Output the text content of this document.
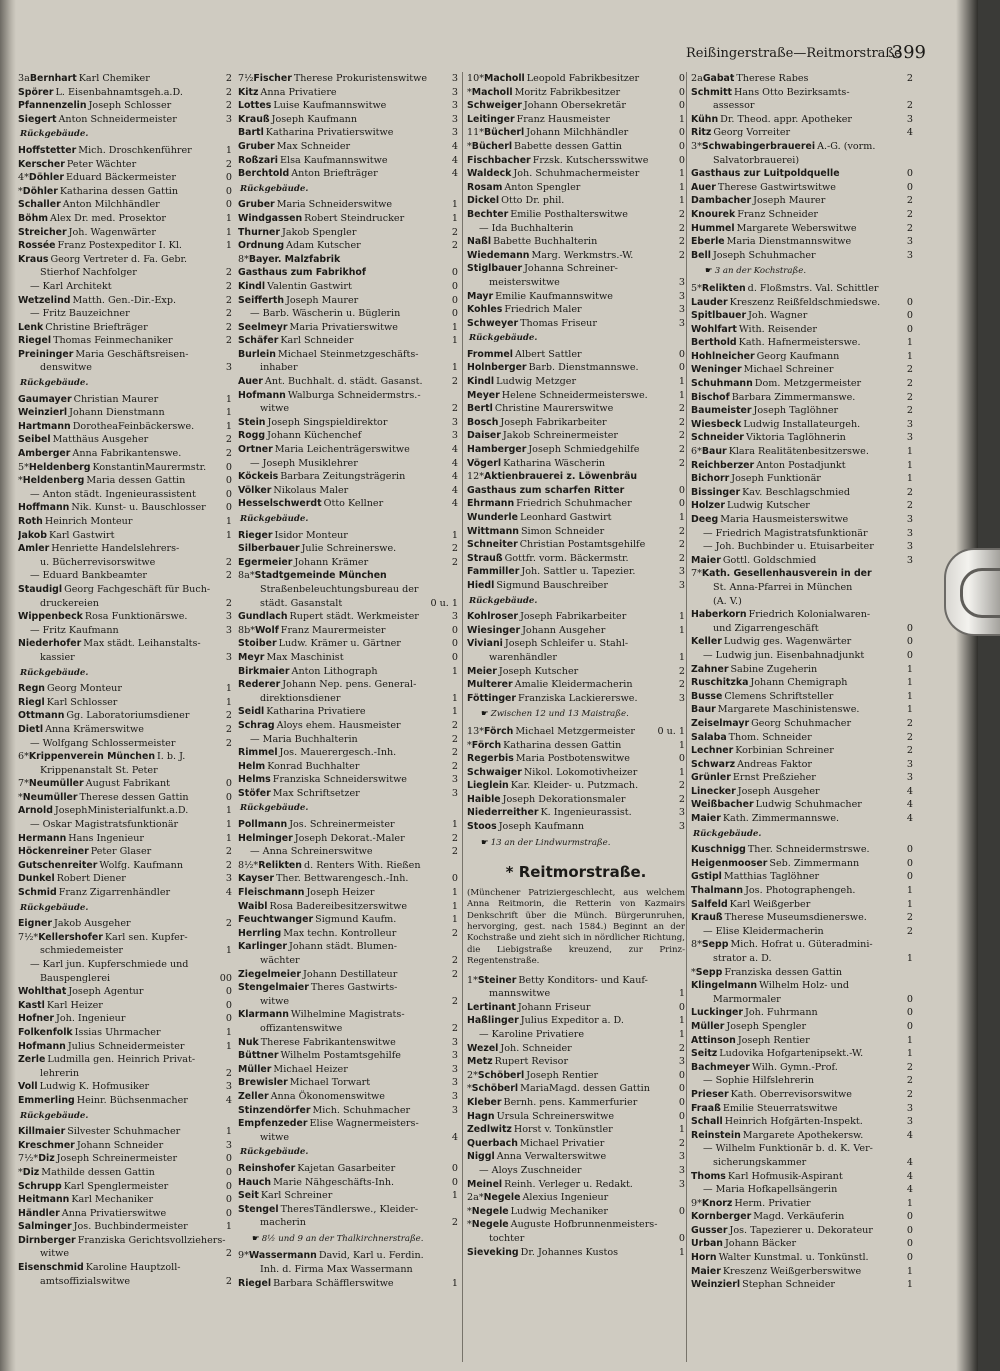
Reißingerstraße—Reitmorstraße
399
3a Bernhart Karl Chemiker	2
Spörer L. Eisenbahnamtsgeh.a.D.	2
Pfannenzelin Joseph Schlosser	2
Siegert Anton Schneidermeister	3
Rückgebäude.
Hoffstetter Mich. Droschkenführer	1
Kerscher Peter Wächter	2
4* Döhler Eduard Bäckermeister	0
* Döhler Katharina dessen Gattin	0
Schaller Anton Milchhändler	0
Böhm Alex Dr. med. Prosektor	1
Streicher Joh. Wagenwärter	1
Rossée Franz Postexpeditor I. Kl.	1
Kraus Georg Vertreter d. Fa. Gebr.
Stierhof Nachfolger	2
— Karl Architekt	2
Wetzelind Matth. Gen.-Dir.-Exp.	2
— Fritz Bauzeichner	2
Lenk Christine Briefträger	2
Riegel Thomas Feinmechaniker	2
Preininger Maria Geschäftsreisen-
denswitwe	3
Rückgebäude.
Gaumayer Christian Maurer	1
Weinzierl Johann Dienstmann	1
Hartmann DorotheaFeinbäckerswe.	1
Seibel Matthäus Ausgeher	2
Amberger Anna Fabrikantenswe.	2
5* Heldenberg KonstantinMaurermstr.	0
* Heldenberg Maria dessen Gattin	0
— Anton städt. Ingenieurassistent	0
Hoffmann Nik. Kunst- u. Bauschlosser	0
Roth Heinrich Monteur	1
Jakob Karl Gastwirt	1
Amler Henriette Handelslehrers-
u. Bücherrevisorswitwe	2
— Eduard Bankbeamter	2
Staudigl Georg Fachgeschäft für Buch-
druckereien	2
Wippenbeck Rosa Funktionärswe.	3
— Fritz Kaufmann	3
Niederhofer Max städt. Leihanstalts-
kassier	3
Rückgebäude.
Regn Georg Monteur	1
Riegl Karl Schlosser	1
Ottmann Gg. Laboratoriumsdiener	2
Dietl Anna Krämerswitwe	2
— Wolfgang Schlossermeister	2
6* Krippenverein München I. b. J.
Krippenanstalt St. Peter
7* Neumüller August Fabrikant	0
* Neumüller Therese dessen Gattin	0
Arnold JosephMinisterialfunkt.a.D.	1
— Oskar Magistratsfunktionär	1
Hermann Hans Ingenieur	1
Höckenreiner Peter Glaser	2
Gutschenreiter Wolfg. Kaufmann	2
Dunkel Robert Diener	3
Schmid Franz Zigarrenhändler	4
Rückgebäude.
Eigner Jakob Ausgeher	2
7½* Kellershofer Karl sen. Kupfer-
schmiedemeister	1
— Karl jun. Kupferschmiede und
Bauspenglerei	00
Wohlthat Joseph Agentur	0
Kastl Karl Heizer	0
Hofner Joh. Ingenieur	0
Folkenfolk Issias Uhrmacher	1
Hofmann Julius Schneidermeister	1
Zerle Ludmilla gen. Heinrich Privat-
lehrerin	2
Voll Ludwig K. Hofmusiker	3
Emmerling Heinr. Büchsenmacher	4
Rückgebäude.
Killmaier Silvester Schuhmacher	1
Kreschmer Johann Schneider	3
7½* Diz Joseph Schreinermeister	0
* Diz Mathilde dessen Gattin	0
Schrupp Karl Spenglermeister	0
Heitmann Karl Mechaniker	0
Händler Anna Privatierswitwe	0
Salminger Jos. Buchbindermeister	1
Dirnberger Franziska Gerichtsvollziehers-
witwe	2
Eisenschmid Karoline Hauptzoll-
amtsoffizialswitwe	2
7½ Fischer Therese Prokuristenswitwe	3
Kitz Anna Privatiere	3
Lottes Luise Kaufmannswitwe	3
Krauß Joseph Kaufmann	3
Bartl Katharina Privatierswitwe	3
Gruber Max Schneider	4
Roßzari Elsa Kaufmannswitwe	4
Berchtold Anton Briefträger	4
Rückgebäude.
Gruber Maria Schneiderswitwe	1
Windgassen Robert Steindrucker	1
Thurner Jakob Spengler	2
Ordnung Adam Kutscher	2
8* Bayer. Malzfabrik
Gasthaus zum Fabrikhof	0
Kindl Valentin Gastwirt	0
Seifferth Joseph Maurer	0
— Barb. Wäscherin u. Büglerin	0
Seelmeyr Maria Privatierswitwe	1
Schäfer Karl Schneider	1
Burlein Michael Steinmetzgeschäfts-
inhaber	1
Auer Ant. Buchhalt. d. städt. Gasanst.	2
Hofmann Walburga Schneidermstrs.-
witwe	2
Stein Joseph Singspieldirektor	3
Rogg Johann Küchenchef	3
Ortner Maria Leichenträgerswitwe	4
— Joseph Musiklehrer	4
Köckeis Barbara Zeitungsträgerin	4
Völker Nikolaus Maler	4
Hesselschwerdt Otto Kellner	4
Rückgebäude.
Rieger Isidor Monteur	1
Silberbauer Julie Schreinerswe.	2
Egermeier Johann Krämer	2
8a* Stadtgemeinde München
Straßenbeleuchtungsbureau der
städt. Gasanstalt	0 u. 1
Gundlach Rupert städt. Werkmeister	3
8b* Wolf Franz Maurermeister	0
Stoiber Ludw. Krämer u. Gärtner	0
Meyr Max Maschinist	0
Birkmaier Anton Lithograph	1
Rederer Johann Nep. pens. General-
direktionsdiener	1
Seidl Katharina Privatiere	1
Schrag Aloys ehem. Hausmeister	2
— Maria Buchhalterin	2
Rimmel Jos. Mauerergesch.-Inh.	2
Helm Konrad Buchhalter	2
Helms Franziska Schneiderswitwe	3
Stöfer Max Schriftsetzer	3
Rückgebäude.
Pollmann Jos. Schreinermeister	1
Helminger Joseph Dekorat.-Maler	2
— Anna Schreinerswitwe	2
8½* Relikten d. Renters With. Rießen
Kayser Ther. Bettwarengesch.-Inh.	0
Fleischmann Joseph Heizer	1
Waibl Rosa Badereibesitzerswitwe	1
Feuchtwanger Sigmund Kaufm.	1
Herrling Max techn. Kontrolleur	2
Karlinger Johann städt. Blumen-
wächter	2
Ziegelmeier Johann Destillateur	2
Stengelmaier Theres Gastwirts-
witwe	2
Klarmann Wilhelmine Magistrats-
offizantenswitwe	2
Nuk Therese Fabrikantenswitwe	3
Büttner Wilhelm Postamtsgehilfe	3
Müller Michael Heizer	3
Brewisler Michael Torwart	3
Zeller Anna Ökonomenswitwe	3
Stinzendörfer Mich. Schuhmacher	3
Empfenzeder Elise Wagnermeisters-
witwe	4
Rückgebäude.
Reinshofer Kajetan Gasarbeiter	0
Hauch Marie Nähgeschäfts-Inh.	0
Seit Karl Schreiner	1
Stengel TheresTändlerswe., Kleider-
macherin	2
☛ 8½ und 9 an der Thalkirchnerstraße.
9* Wassermann David, Karl u. Ferdin.
Inh. d. Firma Max Wassermann
Riegel Barbara Schäfflerswitwe	1
10* Macholl Leopold Fabrikbesitzer	0
* Macholl Moritz Fabrikbesitzer	0
Schweiger Johann Obersekretär	0
Leitinger Franz Hausmeister	1
11* Bücherl Johann Milchhändler	0
* Bücherl Babette dessen Gattin	0
Fischbacher Frzsk. Kutschersswitwe	0
Waldeck Joh. Schuhmachermeister	1
Rosam Anton Spengler	1
Dickel Otto Dr. phil.	1
Bechter Emilie Posthalterswitwe	2
— Ida Buchhalterin	2
Naßl Babette Buchhalterin	2
Wiedemann Marg. Werkmstrs.-W.	2
Stiglbauer Johanna Schreiner-
meisterswitwe	3
Mayr Emilie Kaufmannswitwe	3
Kohles Friedrich Maler	3
Schweyer Thomas Friseur	3
Rückgebäude.
Frommel Albert Sattler	0
Holnberger Barb. Dienstmannswe.	0
Kindl Ludwig Metzger	1
Meyer Helene Schneidermeisterswe.	1
Bertl Christine Maurerswitwe	2
Bosch Joseph Fabrikarbeiter	2
Daiser Jakob Schreinermeister	2
Hamberger Joseph Schmiedgehilfe	2
Vögerl Katharina Wäscherin	2
12* Aktienbrauerei z. Löwenbräu
Gasthaus zum scharfen Ritter	0
Ehrmann Friedrich Schuhmacher	0
Wunderle Leonhard Gastwirt	1
Wittmann Simon Schneider	2
Schneiter Christian Postamtsgehilfe	2
Strauß Gottfr. vorm. Bäckermstr.	2
Fammiller Joh. Sattler u. Tapezier.	3
Hiedl Sigmund Bauschreiber	3
Rückgebäude.
Kohlroser Joseph Fabrikarbeiter	1
Wiesinger Johann Ausgeher	1
Viviani Joseph Schleifer u. Stahl-
warenhändler	1
Meier Joseph Kutscher	2
Multerer Amalie Kleidermacherin	2
Föttinger Franziska Lackiererswe.	3
☛ Zwischen 12 und 13 Maistraße.
13* Förch Michael Metzgermeister	0 u. 1
* Förch Katharina dessen Gattin	1
Regerbis Maria Postbotenswitwe	0
Schwaiger Nikol. Lokomotivheizer	1
Lieglein Kar. Kleider- u. Putzmach.	2
Haible Joseph Dekorationsmaler	2
Niederreither K. Ingenieurassist.	3
Stoos Joseph Kaufmann	3
☛ 13 an der Lindwurmstraße.
* Reitmorstraße.
(Münchener Patriziergeschlecht, aus welchem Anna Reitmorin, die Retterin von Kazmairs Denkschrift über die Münch. Bürgerunruhen, hervorging, gest. nach 1584.) Beginnt an der Kochstraße und zieht sich in nördlicher Richtung, die Liebigstraße kreuzend, zur Prinz-Regentenstraße.
1* Steiner Betty Konditors- und Kauf-
mannswitwe	1
Lertinant Johann Friseur	0
Haßlinger Julius Expeditor a. D.	1
— Karoline Privatiere	1
Wezel Joh. Schneider	2
Metz Rupert Revisor	3
2* Schöberl Joseph Rentier	0
* Schöberl MariaMagd. dessen Gattin	0
Kleber Bernh. pens. Kammerfurier	0
Hagn Ursula Schreinerswitwe	0
Zedlwitz Horst v. Tonkünstler	1
Querbach Michael Privatier	2
Niggl Anna Verwalterswitwe	3
— Aloys Zuschneider	3
Meinel Reinh. Verleger u. Redakt.	3
2a* Negele Alexius Ingenieur
* Negele Ludwig Mechaniker	0
* Negele Auguste Hofbrunnenmeisters-
tochter	0
Sieveking Dr. Johannes Kustos	1
2a Gabat Therese Rabes	2
Schmitt Hans Otto Bezirksamts-
assessor	2
Kühn Dr. Theod. appr. Apotheker	3
Ritz Georg Vorreiter	4
3* Schwabingerbrauerei A.-G. (vorm.
Salvatorbrauerei)
Gasthaus zur Luitpoldquelle	0
Auer Therese Gastwirtswitwe	0
Dambacher Joseph Maurer	2
Knourek Franz Schneider	2
Hummel Margarete Weberswitwe	2
Eberle Maria Dienstmannswitwe	3
Bell Joseph Schuhmacher	3
☛ 3 an der Kochstraße.
5* Relikten d. Floßmstrs. Val. Schittler
Lauder Kreszenz Reißfeldschmiedswe.	0
Spitlbauer Joh. Wagner	0
Wohlfart With. Reisender	0
Berthold Kath. Hafnermeisterswe.	1
Hohlneicher Georg Kaufmann	1
Weninger Michael Schreiner	2
Schuhmann Dom. Metzgermeister	2
Bischof Barbara Zimmermanswe.	2
Baumeister Joseph Taglöhner	2
Wiesbeck Ludwig Installateurgeh.	3
Schneider Viktoria Taglöhnerin	3
6* Baur Klara Realitätenbesitzerswe.	1
Reichberzer Anton Postadjunkt	1
Bichorr Joseph Funktionär	1
Bissinger Kav. Beschlagschmied	2
Holzer Ludwig Kutscher	2
Deeg Maria Hausmeisterswitwe	3
— Friedrich Magistratsfunktionär	3
— Joh. Buchbinder u. Etuisarbeiter	3
Maier Gottl. Goldschmied	3
7* Kath. Gesellenhausverein in der
St. Anna-Pfarrei in München
(A. V.)
Haberkorn Friedrich Kolonialwaren-
und Zigarrengeschäft	0
Keller Ludwig ges. Wagenwärter	0
— Ludwig jun. Eisenbahnadjunkt	0
Zahner Sabine Zugeherin	1
Ruschitzka Johann Chemigraph	1
Busse Clemens Schriftsteller	1
Baur Margarete Maschinistenswe.	1
Zeiselmayr Georg Schuhmacher	2
Salaba Thom. Schneider	2
Lechner Korbinian Schreiner	2
Schwarz Andreas Faktor	3
Grünler Ernst Preßzieher	3
Linecker Joseph Ausgeher	4
Weißbacher Ludwig Schuhmacher	4
Maier Kath. Zimmermannswe.	4
Rückgebäude.
Kuschnigg Ther. Schneidermstrswe.	0
Heigenmooser Seb. Zimmermann	0
Gstipl Matthias Taglöhner	0
Thalmann Jos. Photographengeh.	1
Salfeld Karl Weißgerber	1
Krauß Therese Museumsdienerswe.	2
— Elise Kleidermacherin	2
8* Sepp Mich. Hofrat u. Güteradmini-
strator a. D.	1
* Sepp Franziska dessen Gattin
Klingelmann Wilhelm Holz- und
Marmormaler	0
Luckinger Joh. Fuhrmann	0
Müller Joseph Spengler	0
Attinson Joseph Rentier	1
Seitz Ludovika Hofgartenipsekt.-W.	1
Bachmeyer Wilh. Gymn.-Prof.	2
— Sophie Hilfslehrerin	2
Prieser Kath. Oberrevisorswitwe	2
Fraaß Emilie Steuerratswitwe	3
Schall Heinrich Hofgärten-Inspekt.	3
Reinstein Margarete Apothekersw.	4
— Wilhelm Funktionär b. d. K. Ver-
sicherungskammer	4
Thoms Karl Hofmusik-Aspirant	4
— Maria Hofkapellsängerin	4
9* Knorz Herm. Privatier	1
Kornberger Magd. Verkäuferin	0
Gusser Jos. Tapezierer u. Dekorateur	0
Urban Johann Bäcker	0
Horn Walter Kunstmal. u. Tonkünstl.	0
Maier Kreszenz Weißgerberswitwe	1
Weinzierl Stephan Schneider	1
